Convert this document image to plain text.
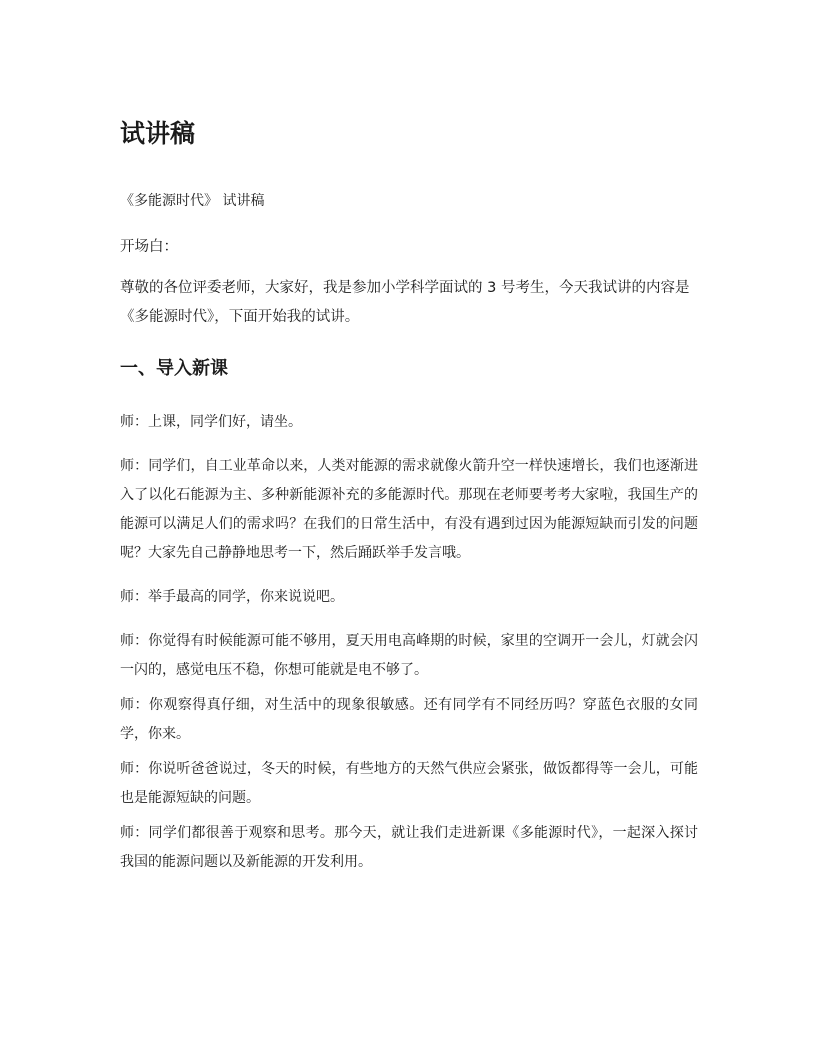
试讲稿

《多能源时代》 试讲稿

开场白：

尊敬的各位评委老师，大家好，我是参加小学科学面试的 3 号考生，今天我试讲的内容是《多能源时代》，下面开始我的试讲。

一、导入新课

师：上课，同学们好，请坐。

师：同学们，自工业革命以来，人类对能源的需求就像火箭升空一样快速增长，我们也逐渐进入了以化石能源为主、多种新能源补充的多能源时代。那现在老师要考考大家啦，我国生产的能源可以满足人们的需求吗？在我们的日常生活中，有没有遇到过因为能源短缺而引发的问题呢？大家先自己静静地思考一下，然后踊跃举手发言哦。

师：举手最高的同学，你来说说吧。

师：你觉得有时候能源可能不够用，夏天用电高峰期的时候，家里的空调开一会儿，灯就会闪一闪的，感觉电压不稳，你想可能就是电不够了。

师：你观察得真仔细，对生活中的现象很敏感。还有同学有不同经历吗？穿蓝色衣服的女同学，你来。

师：你说听爸爸说过，冬天的时候，有些地方的天然气供应会紧张，做饭都得等一会儿，可能也是能源短缺的问题。

师：同学们都很善于观察和思考。那今天，就让我们走进新课《多能源时代》，一起深入探讨我国的能源问题以及新能源的开发利用。
